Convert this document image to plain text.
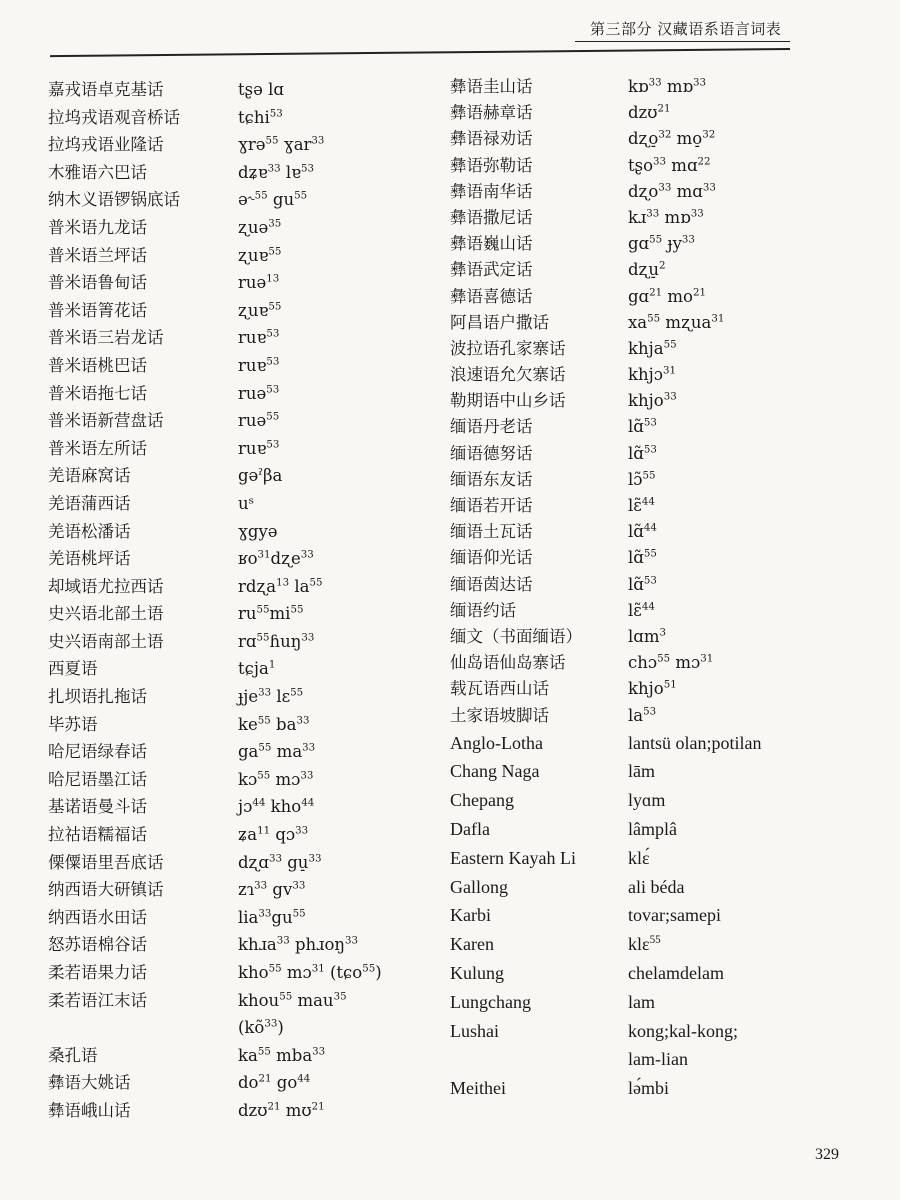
第三部分 汉藏语系语言词表
嘉戎语卓克基话
拉坞戎语观音桥话
拉坞戎语业隆话
木雅语六巴话
纳木义语锣锅底话
普米语九龙话
普米语兰坪话
普米语鲁甸话
普米语箐花话
普米语三岩龙话
普米语桃巴话
普米语拖七话
普米语新营盘话
普米语左所话
羌语麻窝话
羌语蒲西话
羌语松潘话
羌语桃坪话
却域语尤拉西话
史兴语北部土语
史兴语南部土语
西夏语
扎坝语扎拖话
毕苏语
哈尼语绿春话
哈尼语墨江话
基诺语曼斗话
拉祜语糯福话
傈僳语里吾底话
纳西语大研镇话
纳西语水田话
怒苏语棉谷话
柔若语果力话
柔若语江末话
桑孔语
彝语大姚话
彝语峨山话
tʂə lɑ
tɕhi$^{53}$
ɣrə$^{55}$ ɣar$^{33}$
dʑɐ$^{33}$ lɐ$^{53}$
ə˞$^{55}$ $gu^{55}$
ʐuə$^{35}$
ʐuɐ$^{55}$
ruə$^{13}$
ʐuɐ$^{55}$
ruɐ$^{53}$
ruɐ$^{53}$
ruə$^{53}$
ruə$^{55}$
ruɐ$^{53}$
gəˀβa
uˢ
ɣgyə
ʁo$^{31}$dʐe$^{33}$
rdʐa$^{13}$ $la^{55}$
$ru^{55}mi^{55}$
rɑ$^{55}$ɦuŋ$^{33}$
tɕja$^1$
ɟje$^{33}$ lɛ$^{55}$
$ke^{55}$ $ba^{33}$
$ga^{55}$ $ma^{33}$
kɔ$^{55}$ mɔ$^{33}$
jɔ$^{44}$ kho$^{44}$
ʑa$^{11}$ qɔ$^{33}$
dʐɑ$^{33}$ gu̠$^{33}$
zɿ$^{33}$ $gv^{33}$
$lia^{33}gu^{55}$
khɹa$^{33}$ phɹoŋ$^{33}$
kho$^{55}$ mɔ$^{31}$ (tɕo$^{55}$)
khou$^{55}$ mau$^{35}$
$(kõ^{33})$
$ka^{55}$ mba$^{33}$
$do^{21}$ $go^{44}$
dzʊ$^{21}$ mʊ$^{21}$
彝语圭山话
彝语赫章话
彝语禄劝话
彝语弥勒话
彝语南华话
彝语撒尼话
彝语巍山话
彝语武定话
彝语喜德话
阿昌语户撒话
波拉语孔家寨话
浪速语允欠寨话
勒期语中山乡话
缅语丹老话
缅语德努话
缅语东友话
缅语若开话
缅语土瓦话
缅语仰光话
缅语茵达话
缅语约话
缅文（书面缅语）
仙岛语仙岛寨话
载瓦语西山话
土家语坡脚话
Anglo-Lotha
Chang Naga
Chepang
Dafla
Eastern Kayah Li
Gallong
Karbi
Karen
Kulung
Lungchang
Lushai
Meithei
kɒ$^{33}$ mɒ$^{33}$
dzʊ$^{21}$
dʐo̠$^{32}$ mo̠$^{32}$
tʂo$^{33}$ mɑ$^{22}$
dʐo$^{33}$ mɑ$^{33}$
kɹ$^{33}$ mɒ$^{33}$
gɑ$^{55}$ ɟy$^{33}$
dʐu̠$^2$
gɑ$^{21}$ $mo^{21}$
$xa^{55}$ mʐua$^{31}$
khja$^{55}$
khjɔ$^{31}$
khjo$^{33}$
lɑ̃$^{53}$
lɑ̃$^{53}$
lɔ̃$^{55}$
lɛ̃$^{44}$
lɑ̃$^{44}$
lɑ̃$^{55}$
lɑ̃$^{53}$
lɛ̃$^{44}$
lɑm$^3$
chɔ$^{55}$ mɔ$^{31}$
khjo$^{51}$
$la^{53}$
lantsü olan;potilan
lām
lyɑm
lâmplâ
klɛ́
ali béda
tovar;samepi
klɛ$^{55}$
chelamdelam
lam
kong;kal-kong;
lam-lian
lə́mbi
329
